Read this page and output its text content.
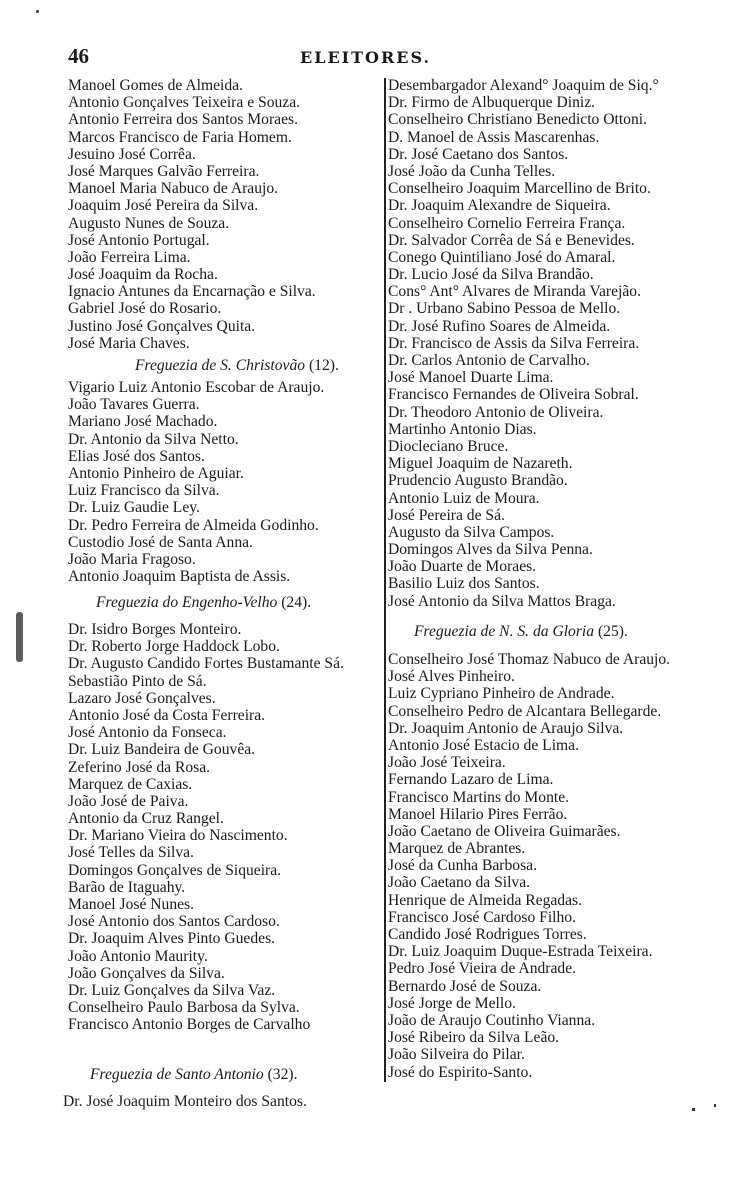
46	ELEITORES.
Manoel Gomes de Almeida.
Antonio Gonçalves Teixeira e Souza.
Antonio Ferreira dos Santos Moraes.
Marcos Francisco de Faria Homem.
Jesuino José Corrêa.
José Marques Galvão Ferreira.
Manoel Maria Nabuco de Araujo.
Joaquim José Pereira da Silva.
Augusto Nunes de Souza.
José Antonio Portugal.
João Ferreira Lima.
José Joaquim da Rocha.
Ignacio Antunes da Encarnação e Silva.
Gabriel José do Rosario.
Justino José Gonçalves Quita.
José Maria Chaves.
Freguezia de S. Christovão (12).
Vigario Luiz Antonio Escobar de Araujo.
João Tavares Guerra.
Mariano José Machado.
Dr. Antonio da Silva Netto.
Elias José dos Santos.
Antonio Pinheiro de Aguiar.
Luiz Francisco da Silva.
Dr. Luiz Gaudie Ley.
Dr. Pedro Ferreira de Almeida Godinho.
Custodio José de Santa Anna.
João Maria Fragoso.
Antonio Joaquim Baptista de Assis.
Freguezia do Engenho-Velho (24).
Dr. Isidro Borges Monteiro.
Dr. Roberto Jorge Haddock Lobo.
Dr. Augusto Candido Fortes Bustamante Sá.
Sebastião Pinto de Sá.
Lazaro José Gonçalves.
Antonio José da Costa Ferreira.
José Antonio da Fonseca.
Dr. Luiz Bandeira de Gouvêa.
Zeferino José da Rosa.
Marquez de Caxias.
João José de Paiva.
Antonio da Cruz Rangel.
Dr. Mariano Vieira do Nascimento.
José Telles da Silva.
Domingos Gonçalves de Siqueira.
Barão de Itaguahy.
Manoel José Nunes.
José Antonio dos Santos Cardoso.
Dr. Joaquim Alves Pinto Guedes.
João Antonio Maurity.
João Gonçalves da Silva.
Dr. Luiz Gonçalves da Silva Vaz.
Conselheiro Paulo Barbosa da Sylva.
Francisco Antonio Borges de Carvalho
Freguezia de Santo Antonio (32).
Dr. José Joaquim Monteiro dos Santos.
Desembargador Alexand° Joaquim de Siq.°
Dr. Firmo de Albuquerque Diniz.
Conselheiro Christiano Benedicto Ottoni.
D. Manoel de Assis Mascarenhas.
Dr. José Caetano dos Santos.
José João da Cunha Telles.
Conselheiro Joaquim Marcellino de Brito.
Dr. Joaquim Alexandre de Siqueira.
Conselheiro Cornelio Ferreira França.
Dr. Salvador Corrêa de Sá e Benevides.
Conego Quintiliano José do Amaral.
Dr. Lucio José da Silva Brandão.
Cons° Ant° Alvares de Miranda Varejão.
Dr . Urbano Sabino Pessoa de Mello.
Dr. José Rufino Soares de Almeida.
Dr. Francisco de Assis da Silva Ferreira.
Dr. Carlos Antonio de Carvalho.
José Manoel Duarte Lima.
Francisco Fernandes de Oliveira Sobral.
Dr. Theodoro Antonio de Oliveira.
Martinho Antonio Dias.
Diocleciano Bruce.
Miguel Joaquim de Nazareth.
Prudencio Augusto Brandão.
Antonio Luiz de Moura.
José Pereira de Sá.
Augusto da Silva Campos.
Domingos Alves da Silva Penna.
João Duarte de Moraes.
Basilio Luiz dos Santos.
José Antonio da Silva Mattos Braga.
Freguezia de N. S. da Gloria (25).
Conselheiro José Thomaz Nabuco de Araujo.
José Alves Pinheiro.
Luiz Cypriano Pinheiro de Andrade.
Conselheiro Pedro de Alcantara Bellegarde.
Dr. Joaquim Antonio de Araujo Silva.
Antonio José Estacio de Lima.
João José Teixeira.
Fernando Lazaro de Lima.
Francisco Martins do Monte.
Manoel Hilario Pires Ferrão.
João Caetano de Oliveira Guimarães.
Marquez de Abrantes.
José da Cunha Barbosa.
João Caetano da Silva.
Henrique de Almeida Regadas.
Francisco José Cardoso Filho.
Candido José Rodrigues Torres.
Dr. Luiz Joaquim Duque-Estrada Teixeira.
Pedro José Vieira de Andrade.
Bernardo José de Souza.
José Jorge de Mello.
João de Araujo Coutinho Vianna.
José Ribeiro da Silva Leão.
João Silveira do Pilar.
José do Espirito-Santo.
